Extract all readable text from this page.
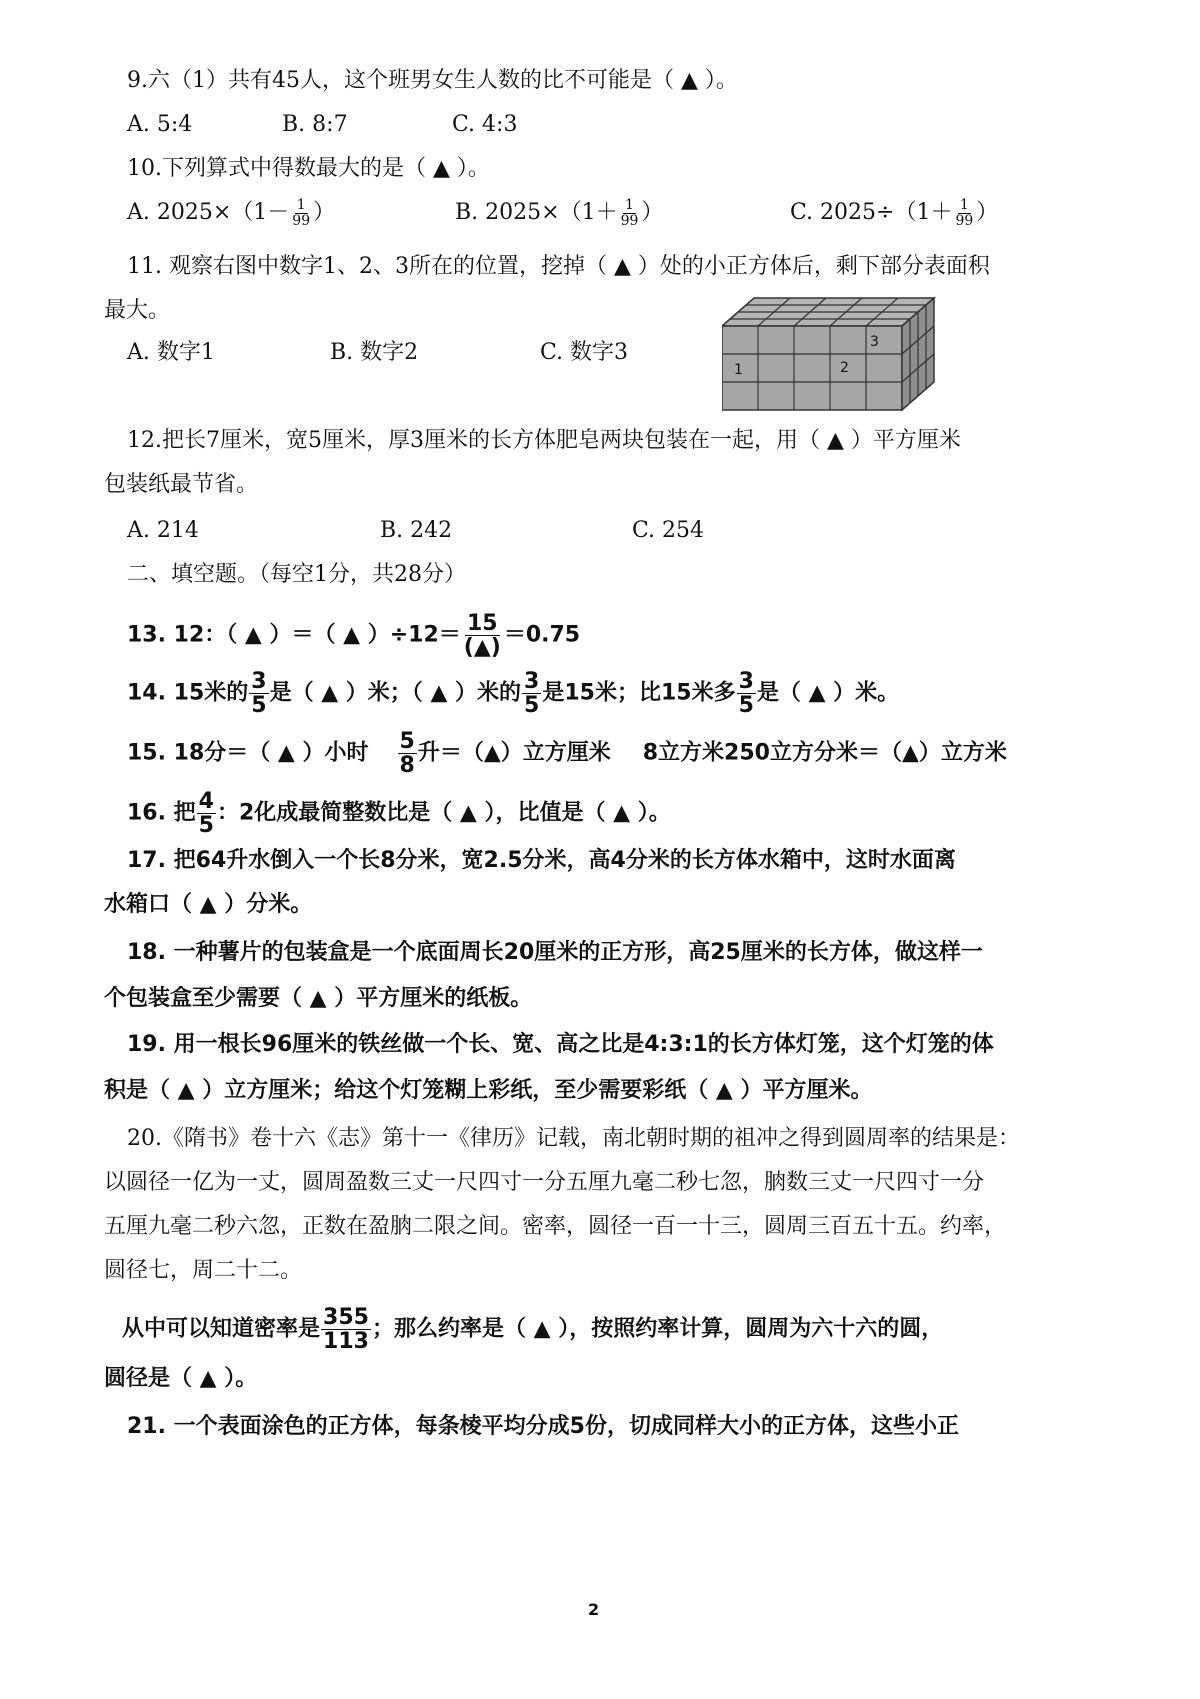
9.六（1）共有45人，这个班男女生人数的比不可能是（ ▲ ）。
A. 5:4	B. 8:7	C. 4:3
10.下列算式中得数最大的是（ ▲ ）。
A. $2025\times(1- \frac{1}{99}$ ）	B. $2025\times(1+ \frac{1}{99}$ ）	C. $2025\div(1+ \frac{1}{99}$ ）
11. 观察右图中数字1、2、3所在的位置，挖掉（ ▲ ）处的小正方体后，剩下部分表面积
最大。
A. 数字1	B. 数字2	C. 数字3
1	2
3
12.把长7厘米，宽5厘米，厚3厘米的长方体肥皂两块包装在一起，用（ ▲ ）平方厘米
包装纸最节省。
A. 214	B. 242	C. 254
二、填空题。（每空1分，共28分）
13. 12：（ ▲ ）＝（ ▲ ）÷12＝ 15
(▲) ＝0.75
14. 15米的 $\frac{3}{5}$ 是（ ▲ ）米；（ ▲ ）米的 $\frac{3}{5}$ 是15米；比15米多 $\frac{3}{5}$ 是（ ▲ ）米。
15. 18分＝（ ▲ ）小时 $\frac{5}{8}$ 升＝（▲）立方厘米 8立方米250立方分米＝（▲）立方米
16. 把 $\frac{4}{5}$ ：2化成最简整数比是（ ▲ ），比值是（ ▲ ）。
17. 把64升水倒入一个长8分米，宽2.5分米，高4分米的长方体水箱中，这时水面离
水箱口（ ▲ ）分米。
18. 一种薯片的包装盒是一个底面周长20厘米的正方形，高25厘米的长方体，做这样一
个包装盒至少需要（ ▲ ）平方厘米的纸板。
19. 用一根长96厘米的铁丝做一个长、宽、高之比是4:3:1的长方体灯笼，这个灯笼的体
积是（ ▲ ）立方厘米；给这个灯笼糊上彩纸，至少需要彩纸（ ▲ ）平方厘米。
20.《隋书》卷十六《志》第十一《律历》记载，南北朝时期的祖冲之得到圆周率的结果是：
以圆径一亿为一丈，圆周盈数三丈一尺四寸一分五厘九毫二秒七忽，朒数三丈一尺四寸一分
五厘九毫二秒六忽，正数在盈朒二限之间。密率，圆径一百一十三，圆周三百五十五。约率，
圆径七，周二十二。
从中可以知道密率是 $\frac{355}{113}$ ；那么约率是（ ▲ ），按照约率计算，圆周为六十六的圆，
圆径是（ ▲ ）。
21. 一个表面涂色的正方体，每条棱平均分成5份，切成同样大小的正方体，这些小正
2
